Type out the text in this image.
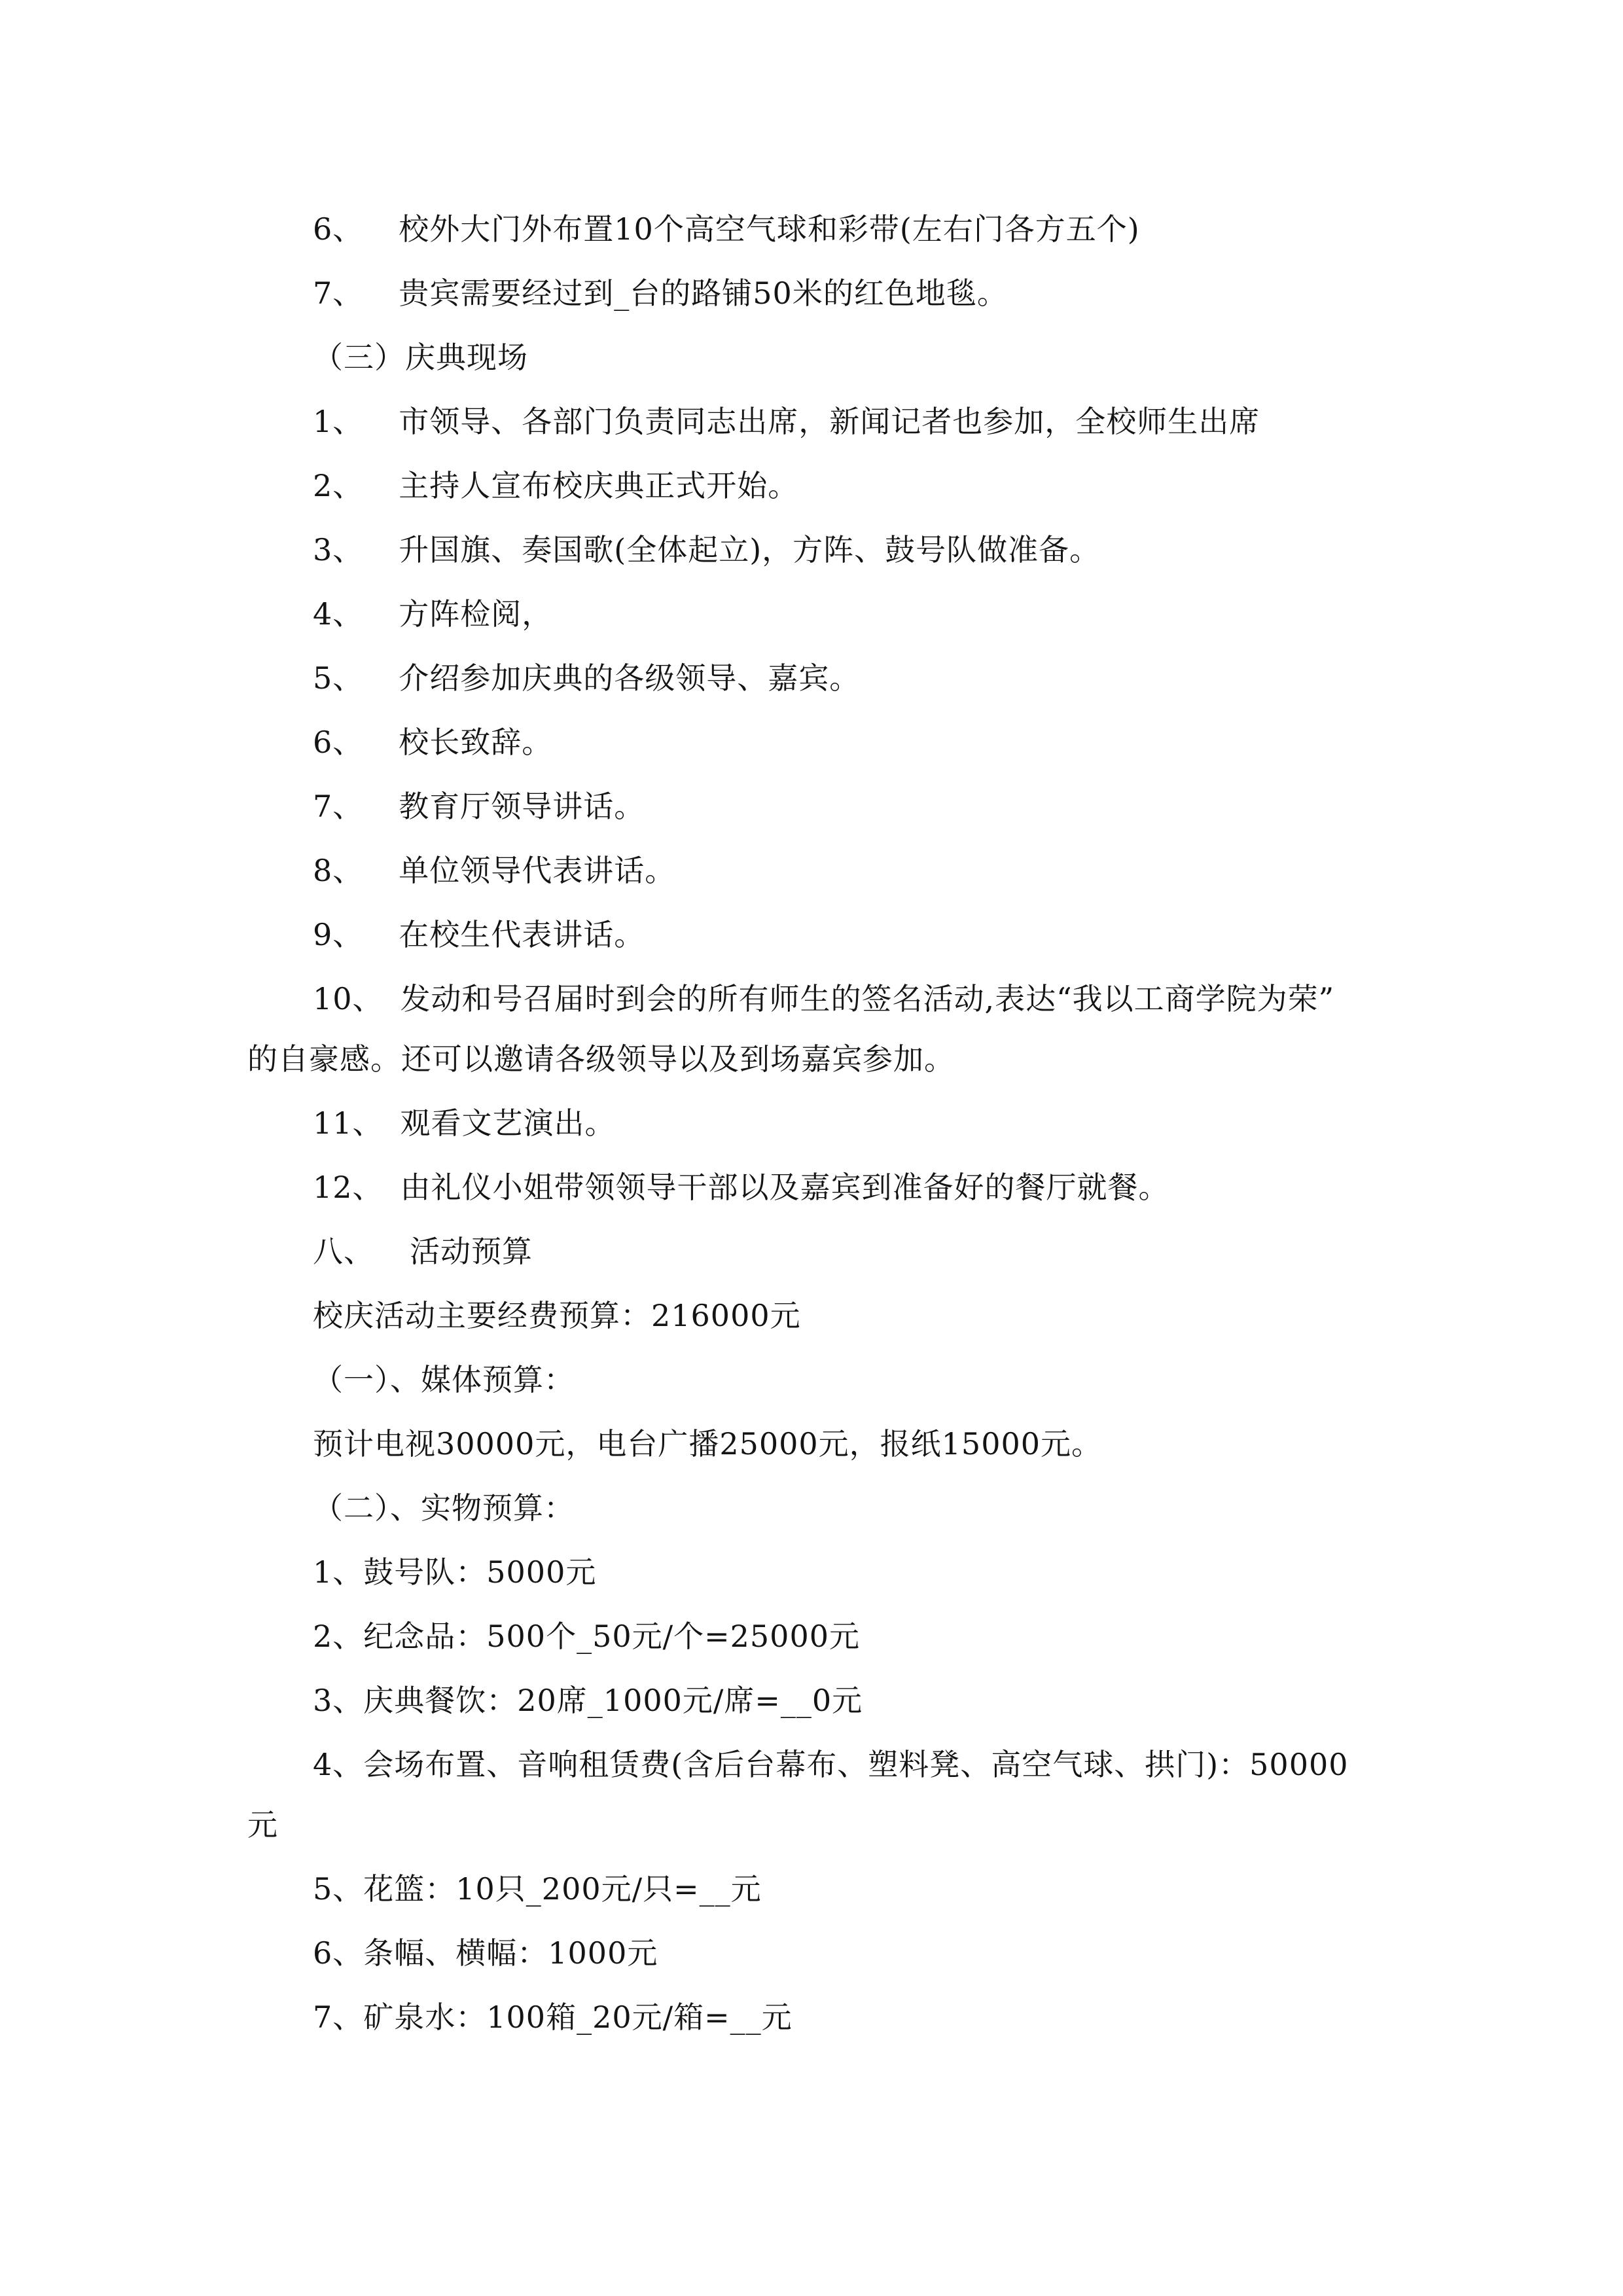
6、 校外大门外布置10个高空气球和彩带(左右门各方五个)
7、 贵宾需要经过到_台的路铺50米的红色地毯。
（三）庆典现场
1、 市领导、各部门负责同志出席，新闻记者也参加，全校师生出席
2、 主持人宣布校庆典正式开始。
3、 升国旗、奏国歌(全体起立)，方阵、鼓号队做准备。
4、 方阵检阅，
5、 介绍参加庆典的各级领导、嘉宾。
6、 校长致辞。
7、 教育厅领导讲话。
8、 单位领导代表讲话。
9、 在校生代表讲话。
10、 发动和号召届时到会的所有师生的签名活动,表达“我以工商学院为荣”
的自豪感。还可以邀请各级领导以及到场嘉宾参加。
11、 观看文艺演出。
12、 由礼仪小姐带领领导干部以及嘉宾到准备好的餐厅就餐。
八、 活动预算
校庆活动主要经费预算：216000元
（一）、媒体预算：
预计电视30000元，电台广播25000元，报纸15000元。
（二）、实物预算：
1、鼓号队：5000元
2、纪念品：500个_50元/个=25000元
3、庆典餐饮：20席_1000元/席=__0元
4、会场布置、音响租赁费(含后台幕布、塑料凳、高空气球、拱门)：50000
元
5、花篮：10只_200元/只=__元
6、条幅、横幅：1000元
7、矿泉水：100箱_20元/箱=__元
